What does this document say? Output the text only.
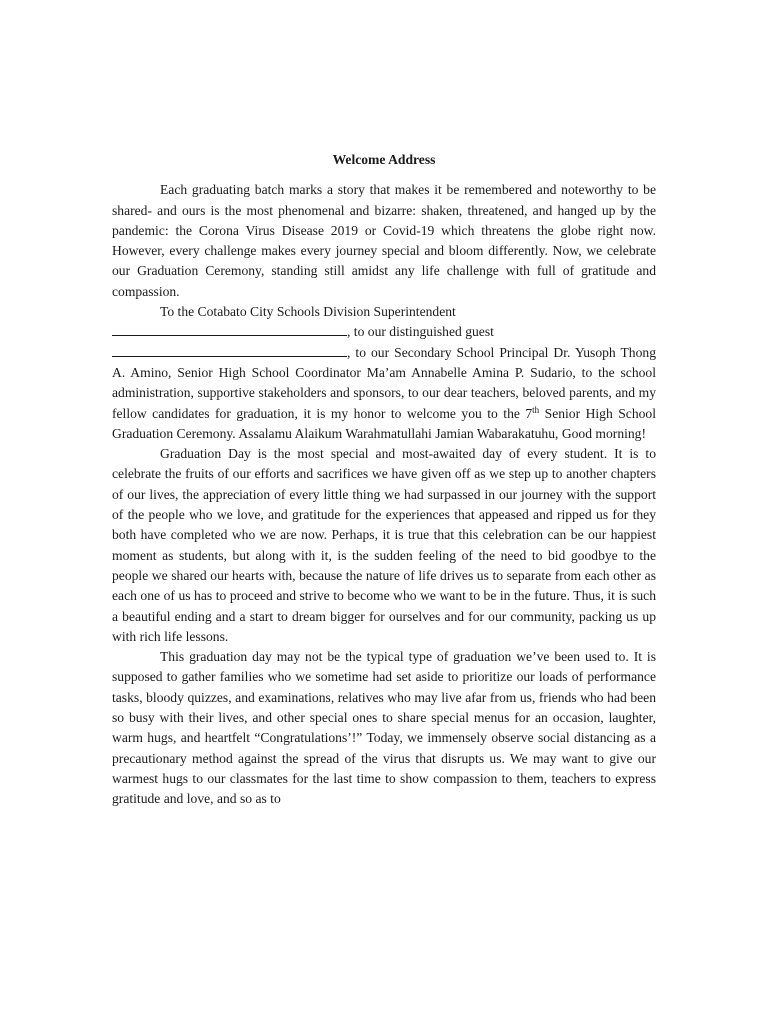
Welcome Address

Each graduating batch marks a story that makes it be remembered and noteworthy to be shared- and ours is the most phenomenal and bizarre: shaken, threatened, and hanged up by the pandemic: the Corona Virus Disease 2019 or Covid-19 which threatens the globe right now. However, every challenge makes every journey special and bloom differently. Now, we celebrate our Graduation Ceremony, standing still amidst any life challenge with full of gratitude and compassion.

To the Cotabato City Schools Division Superintendent
, to our distinguished guest
, to our Secondary School Principal Dr. Yusoph Thong A. Amino, Senior High School Coordinator Ma’am Annabelle Amina P. Sudario, to the school administration, supportive stakeholders and sponsors, to our dear teachers, beloved parents, and my fellow candidates for graduation, it is my honor to welcome you to the 7th Senior High School Graduation Ceremony. Assalamu Alaikum Warahmatullahi Jamian Wabarakatuhu, Good morning!

Graduation Day is the most special and most-awaited day of every student. It is to celebrate the fruits of our efforts and sacrifices we have given off as we step up to another chapters of our lives, the appreciation of every little thing we had surpassed in our journey with the support of the people who we love, and gratitude for the experiences that appeased and ripped us for they both have completed who we are now. Perhaps, it is true that this celebration can be our happiest moment as students, but along with it, is the sudden feeling of the need to bid goodbye to the people we shared our hearts with, because the nature of life drives us to separate from each other as each one of us has to proceed and strive to become who we want to be in the future. Thus, it is such a beautiful ending and a start to dream bigger for ourselves and for our community, packing us up with rich life lessons.

This graduation day may not be the typical type of graduation we’ve been used to. It is supposed to gather families who we sometime had set aside to prioritize our loads of performance tasks, bloody quizzes, and examinations, relatives who may live afar from us, friends who had been so busy with their lives, and other special ones to share special menus for an occasion, laughter, warm hugs, and heartfelt “Congratulations’!” Today, we immensely observe social distancing as a precautionary method against the spread of the virus that disrupts us. We may want to give our warmest hugs to our classmates for the last time to show compassion to them, teachers to express gratitude and love, and so as to
